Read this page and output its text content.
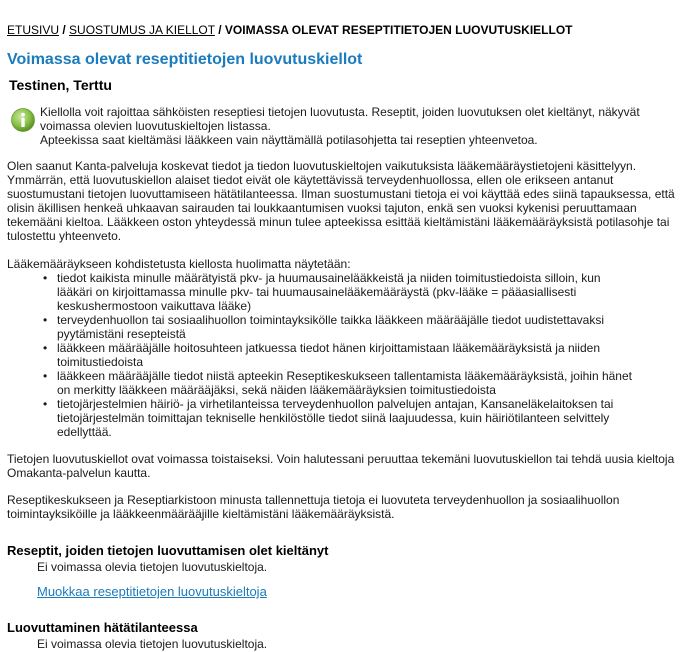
ETUSIVU / SUOSTUMUS JA KIELLOT / VOIMASSA OLEVAT RESEPTITIETOJEN LUOVUTUSKIELLOT
Voimassa olevat reseptitietojen luovutuskiellot
Testinen, Terttu

Kiellolla voit rajoittaa sähköisten reseptiesi tietojen luovutusta. Reseptit, joiden luovutuksen olet kieltänyt, näkyvät voimassa olevien luovutuskieltojen listassa.

Apteekissa saat kieltämäsi lääkkeen vain näyttämällä potilasohjetta tai reseptien yhteenvetoa.

Olen saanut Kanta-palveluja koskevat tiedot ja tiedon luovutuskieltojen vaikutuksista lääkemääräystietojeni käsittelyyn. Ymmärrän, että luovutuskiellon alaiset tiedot eivät ole käytettävissä terveydenhuollossa, ellen ole erikseen antanut suostumustani tietojen luovuttamiseen hätätilanteessa. Ilman suostumustani tietoja ei voi käyttää edes siinä tapauksessa, että olisin äkillisen henkeä uhkaavan sairauden tai loukkaantumisen vuoksi tajuton, enkä sen vuoksi kykenisi peruuttamaan tekemääni kieltoa. Lääkkeen oston yhteydessä minun tulee apteekissa esittää kieltämistäni lääkemääräyksistä potilasohje tai tulostettu yhteenveto.

Lääkemääräykseen kohdistetusta kiellosta huolimatta näytetään:

• tiedot kaikista minulle määrätyistä pkv- ja huumausainelääkkeistä ja niiden toimitustiedoista silloin, kun lääkäri on kirjoittamassa minulle pkv- tai huumausainelääkemääräystä (pkv-lääke = pääasiallisesti keskushermostoon vaikuttava lääke)
• terveydenhuollon tai sosiaalihuollon toimintayksikölle taikka lääkkeen määrääjälle tiedot uudistettavaksi pyytämistäni resepteistä
• lääkkeen määrääjälle hoitosuhteen jatkuessa tiedot hänen kirjoittamistaan lääkemääräyksistä ja niiden toimitustiedoista
• lääkkeen määrääjälle tiedot niistä apteekin Reseptikeskukseen tallentamista lääkemääräyksistä, joihin hänet on merkitty lääkkeen määrääjäksi, sekä näiden lääkemääräyksien toimitustiedoista
• tietojärjestelmien häiriö- ja virhetilanteissa terveydenhuollon palvelujen antajan, Kansaneläkelaitoksen tai tietojärjestelmän toimittajan tekniselle henkilöstölle tiedot siinä laajuudessa, kuin häiriötilanteen selvittely edellyttää.

Tietojen luovutuskiellot ovat voimassa toistaiseksi. Voin halutessani peruuttaa tekemäni luovutuskiellon tai tehdä uusia kieltoja Omakanta-palvelun kautta.

Reseptikeskukseen ja Reseptiarkistoon minusta tallennettuja tietoja ei luovuteta terveydenhuollon ja sosiaalihuollon toimintayksiköille ja lääkkeenmäärääjille kieltämistäni lääkemääräyksistä.

Reseptit, joiden tietojen luovuttamisen olet kieltänyt
Ei voimassa olevia tietojen luovutuskieltoja.
Muokkaa reseptitietojen luovutuskieltoja
Luovuttaminen hätätilanteessa
Ei voimassa olevia tietojen luovutuskieltoja.
